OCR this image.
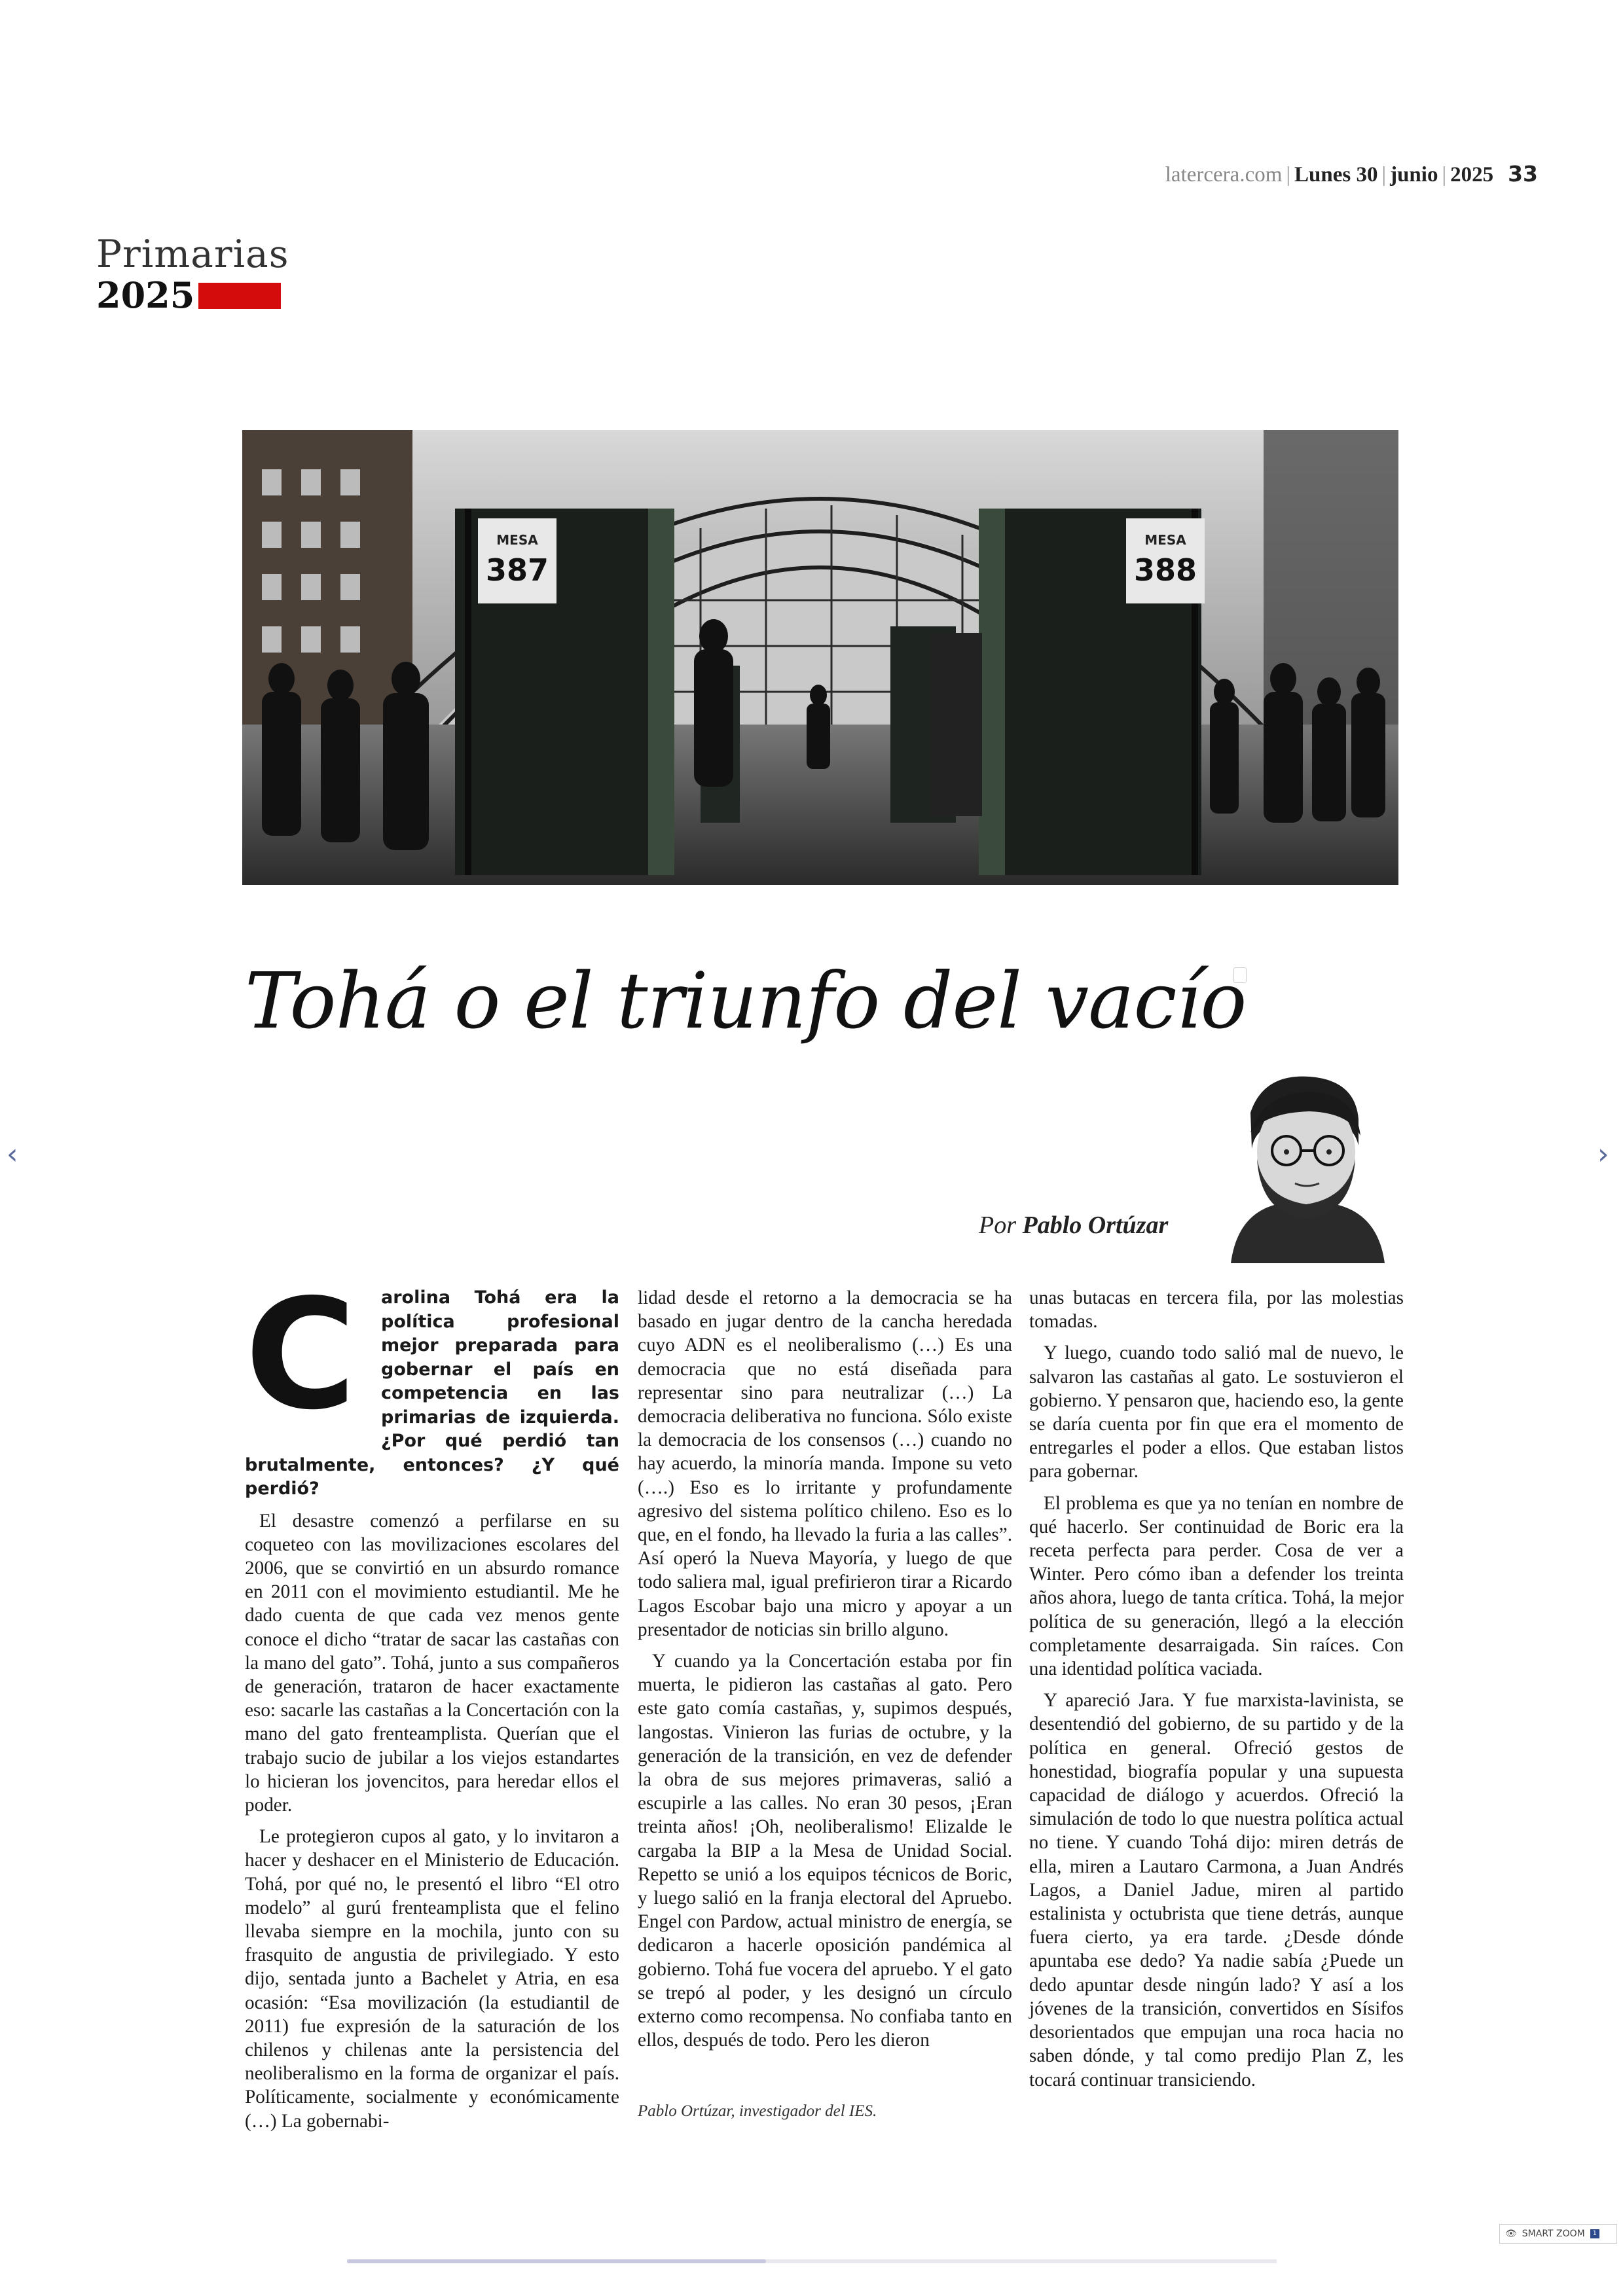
latercera.com | Lunes 30 | junio | 2025 33
Primarias
2025
MESA
387
MESA
388
Tohá o el triunfo del vacío
‹	›
Por Pablo Ortúzar
C	arolina Tohá era la política profesional mejor preparada para gobernar el país en competencia en las primarias de izquierda. ¿Por qué perdió tan brutalmente, entonces? ¿Y qué perdió?

El desastre comenzó a perfilarse en su coqueteo con las movilizaciones escolares del 2006, que se convirtió en un absurdo romance en 2011 con el movimiento estudiantil. Me he dado cuenta de que cada vez menos gente conoce el dicho “tratar de sacar las castañas con la mano del gato”. Tohá, junto a sus compañeros de generación, trataron de hacer exactamente eso: sacarle las castañas a la Concertación con la mano del gato frenteamplista. Querían que el trabajo sucio de jubilar a los viejos estandartes lo hicieran los jovencitos, para heredar ellos el poder.

Le protegieron cupos al gato, y lo invitaron a hacer y deshacer en el Ministerio de Educación. Tohá, por qué no, le presentó el libro “El otro modelo” al gurú frenteamplista que el felino llevaba siempre en la mochila, junto con su frasquito de angustia de privilegiado. Y esto dijo, sentada junto a Bachelet y Atria, en esa ocasión: “Esa movilización (la estudiantil de 2011) fue expresión de la saturación de los chilenos y chilenas ante la persistencia del neoliberalismo en la forma de organizar el país. Políticamente, socialmente y económicamente (…) La gobernabi-

lidad desde el retorno a la democracia se ha basado en jugar dentro de la cancha heredada cuyo ADN es el neoliberalismo (…) Es una democracia que no está diseñada para representar sino para neutralizar (…) La democracia deliberativa no funciona. Sólo existe la democracia de los consensos (…) cuando no hay acuerdo, la minoría manda. Impone su veto (….) Eso es lo irritante y profundamente agresivo del sistema político chileno. Eso es lo que, en el fondo, ha llevado la furia a las calles”. Así operó la Nueva Mayoría, y luego de que todo saliera mal, igual prefirieron tirar a Ricardo Lagos Escobar bajo una micro y apoyar a un presentador de noticias sin brillo alguno.

Y cuando ya la Concertación estaba por fin muerta, le pidieron las castañas al gato. Pero este gato comía castañas, y, supimos después, langostas. Vinieron las furias de octubre, y la generación de la transición, en vez de defender la obra de sus mejores primaveras, salió a escupirle a las calles. No eran 30 pesos, ¡Eran treinta años! ¡Oh, neoliberalismo! Elizalde le cargaba la BIP a la Mesa de Unidad Social. Repetto se unió a los equipos técnicos de Boric, y luego salió en la franja electoral del Apruebo. Engel con Pardow, actual ministro de energía, se dedicaron a hacerle oposición pandémica al gobierno. Tohá fue vocera del apruebo. Y el gato se trepó al poder, y les designó un círculo externo como recompensa. No confiaba tanto en ellos, después de todo. Pero les dieron

unas butacas en tercera fila, por las molestias tomadas.

Y luego, cuando todo salió mal de nuevo, le salvaron las castañas al gato. Le sostuvieron el gobierno. Y pensaron que, haciendo eso, la gente se daría cuenta por fin que era el momento de entregarles el poder a ellos. Que estaban listos para gobernar.

El problema es que ya no tenían en nombre de qué hacerlo. Ser continuidad de Boric era la receta perfecta para perder. Cosa de ver a Winter. Pero cómo iban a defender los treinta años ahora, luego de tanta crítica. Tohá, la mejor política de su generación, llegó a la elección completamente desarraigada. Sin raíces. Con una identidad política vaciada.

Y apareció Jara. Y fue marxista-lavinista, se desentendió del gobierno, de su partido y de la política en general. Ofreció gestos de honestidad, biografía popular y una supuesta capacidad de diálogo y acuerdos. Ofreció la simulación de todo lo que nuestra política actual no tiene. Y cuando Tohá dijo: miren detrás de ella, miren a Lautaro Carmona, a Juan Andrés Lagos, a Daniel Jadue, miren al partido estalinista y octubrista que tiene detrás, aunque fuera cierto, ya era tarde. ¿Desde dónde apuntaba ese dedo? Ya nadie sabía ¿Puede un dedo apuntar desde ningún lado? Y así a los jóvenes de la transición, convertidos en Sísifos desorientados que empujan una roca hacia no saben dónde, y tal como predijo Plan Z, les tocará continuar transiciendo.

Pablo Ortúzar, investigador del IES.
👁 SMART ZOOM	1
